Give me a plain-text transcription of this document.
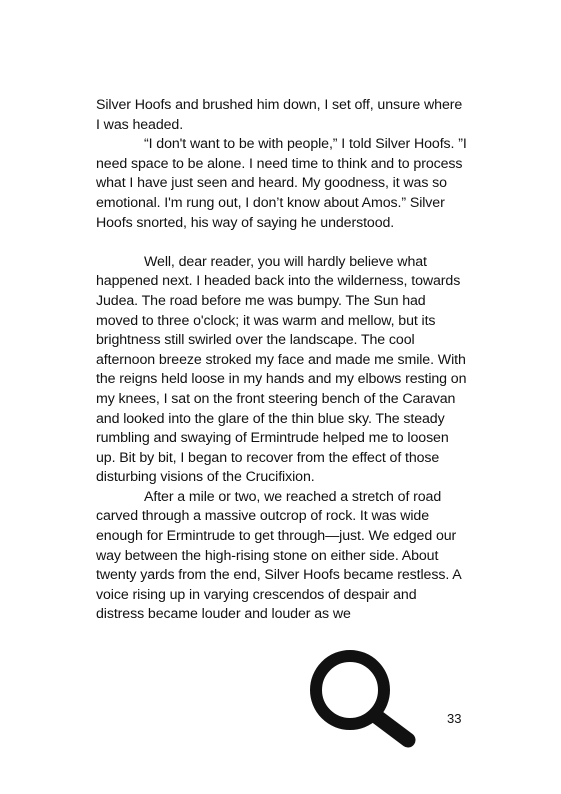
Silver Hoofs and brushed him down, I set off, unsure where I was headed.

“I don't want to be with people,” I told Silver Hoofs. ”I need space to be alone. I need time to think and to process what I have just seen and heard. My goodness, it was so emotional. I'm rung out, I don’t know about Amos.” Silver Hoofs snorted, his way of saying he understood.

Well, dear reader, you will hardly believe what happened next. I headed back into the wilderness, towards Judea. The road before me was bumpy. The Sun had moved to three o'clock; it was warm and mellow, but its brightness still swirled over the landscape. The cool afternoon breeze stroked my face and made me smile. With the reigns held loose in my hands and my elbows resting on my knees, I sat on the front steering bench of the Caravan and looked into the glare of the thin blue sky. The steady rumbling and swaying of Ermintrude helped me to loosen up. Bit by bit, I began to recover from the effect of those disturbing visions of the Crucifixion.

After a mile or two, we reached a stretch of road carved through a massive outcrop of rock. It was wide enough for Ermintrude to get through—just. We edged our way between the high-rising stone on either side. About twenty yards from the end, Silver Hoofs became restless. A voice rising up in varying crescendos of despair and distress became louder and louder as we

33
